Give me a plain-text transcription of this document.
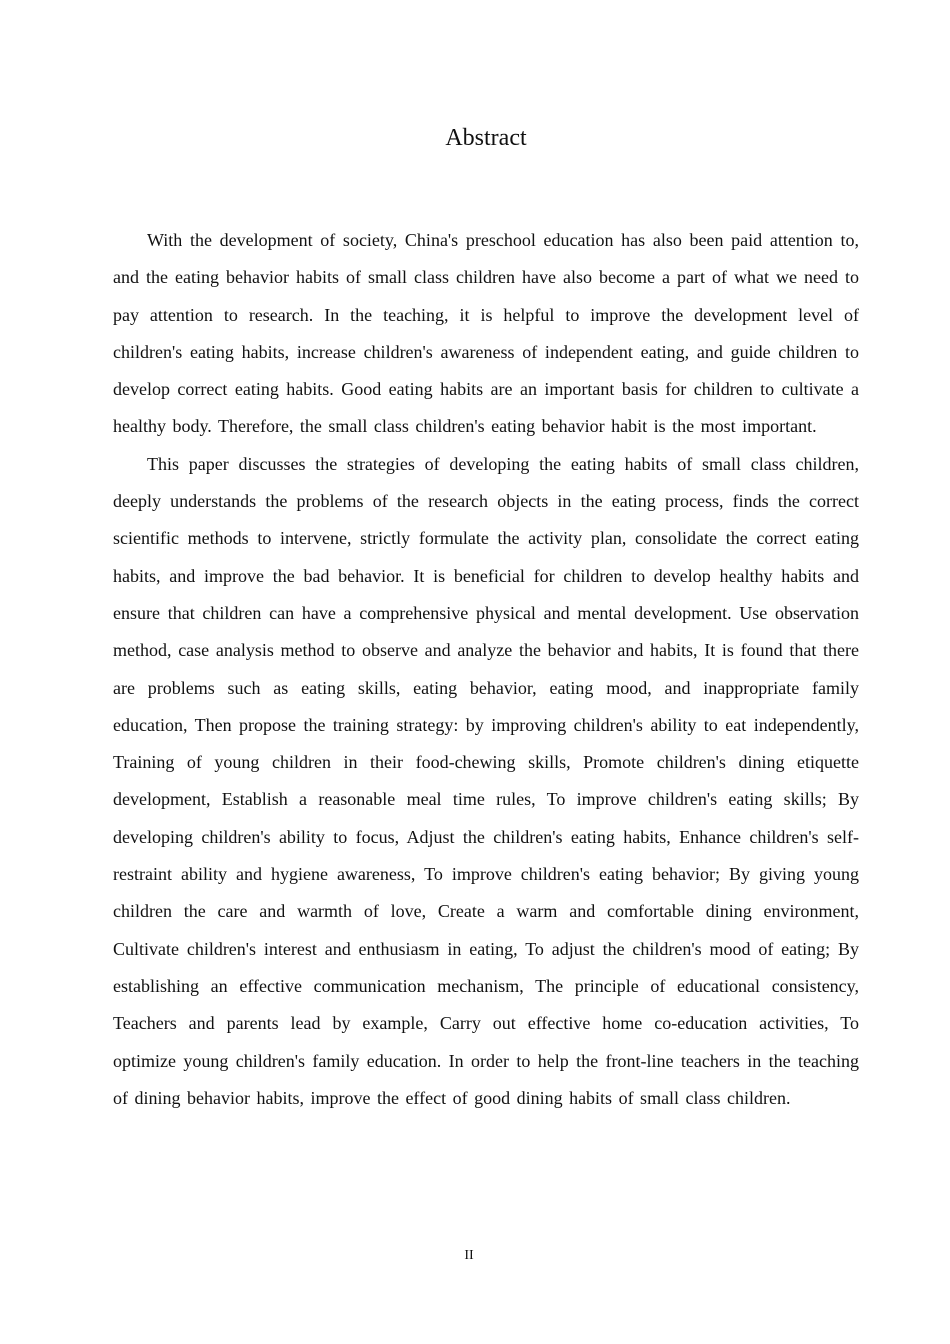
Abstract

With the development of society, China's preschool education has also been paid attention to, and the eating behavior habits of small class children have also become a part of what we need to pay attention to research. In the teaching, it is helpful to improve the development level of children's eating habits, increase children's awareness of independent eating, and guide children to develop correct eating habits. Good eating habits are an important basis for children to cultivate a healthy body. Therefore, the small class children's eating behavior habit is the most important.

This paper discusses the strategies of developing the eating habits of small class children, deeply understands the problems of the research objects in the eating process, finds the correct scientific methods to intervene, strictly formulate the activity plan, consolidate the correct eating habits, and improve the bad behavior. It is beneficial for children to develop healthy habits and ensure that children can have a comprehensive physical and mental development. Use observation method, case analysis method to observe and analyze the behavior and habits, It is found that there are problems such as eating skills, eating behavior, eating mood, and inappropriate family education, Then propose the training strategy: by improving children's ability to eat independently, Training of young children in their food-chewing skills, Promote children's dining etiquette development, Establish a reasonable meal time rules, To improve children's eating skills; By developing children's ability to focus, Adjust the children's eating habits, Enhance children's self-restraint ability and hygiene awareness, To improve children's eating behavior; By giving young children the care and warmth of love, Create a warm and comfortable dining environment, Cultivate children's interest and enthusiasm in eating, To adjust the children's mood of eating; By establishing an effective communication mechanism, The principle of educational consistency, Teachers and parents lead by example, Carry out effective home co-education activities, To optimize young children's family education. In order to help the front-line teachers in the teaching of dining behavior habits, improve the effect of good dining habits of small class children.

II
